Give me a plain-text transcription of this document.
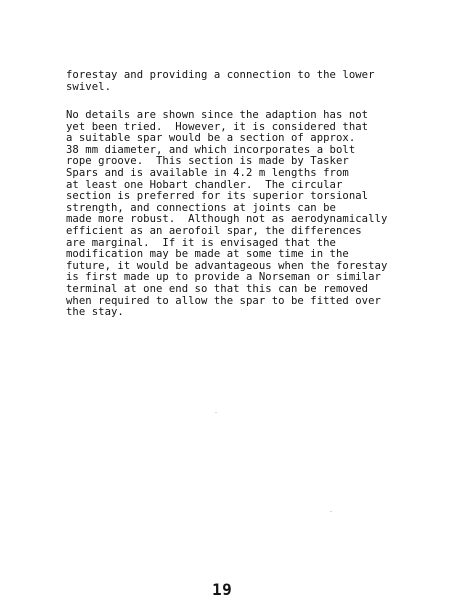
forestay and providing a connection to the lower
swivel.
No details are shown since the adaption has not
yet been tried.  However, it is considered that
a suitable spar would be a section of approx.
38 mm diameter, and which incorporates a bolt
rope groove.  This section is made by Tasker
Spars and is available in 4.2 m lengths from
at least one Hobart chandler.  The circular
section is preferred for its superior torsional
strength, and connections at joints can be
made more robust.  Although not as aerodynamically
efficient as an aerofoil spar, the differences
are marginal.  If it is envisaged that the
modification may be made at some time in the
future, it would be advantageous when the forestay
is first made up to provide a Norseman or similar
terminal at one end so that this can be removed
when required to allow the spar to be fitted over
the stay.
19
